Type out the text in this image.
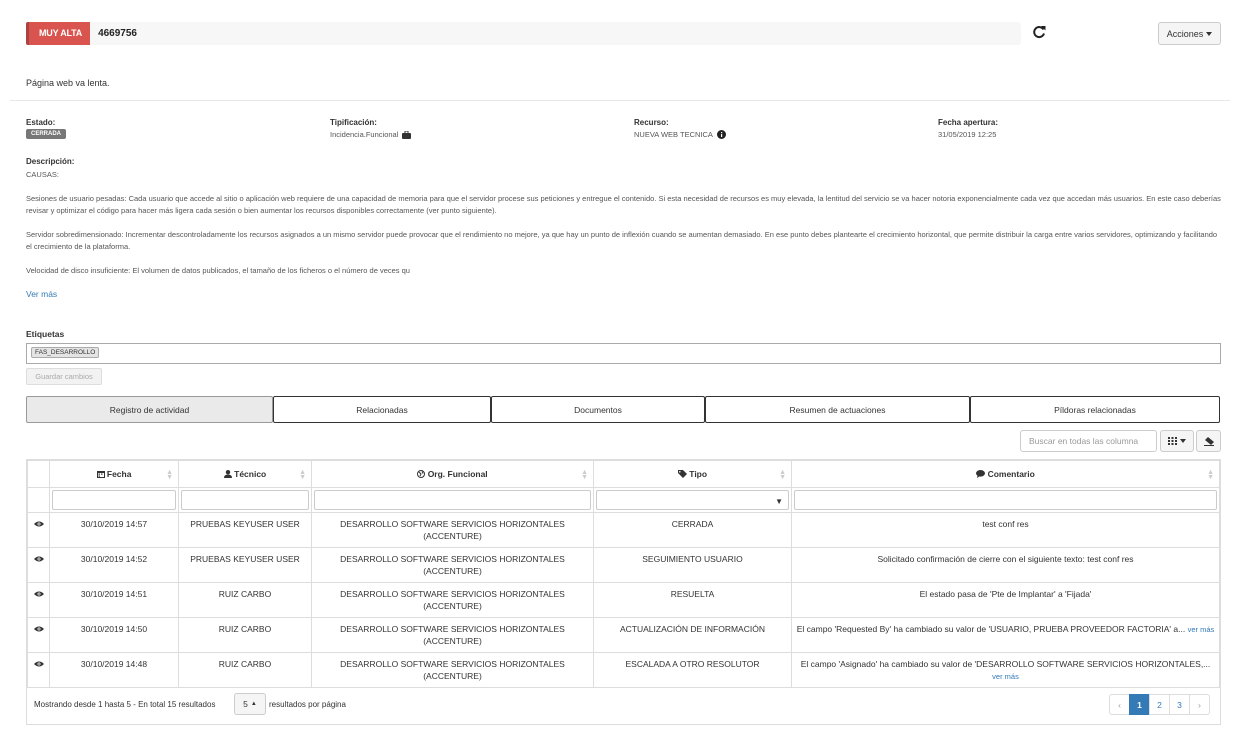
MUY ALTA	4669756	Acciones
Página web va lenta.
Estado:
CERRADA
Tipificación:
Incidencia.Funcional
Recurso:
NUEVA WEB TECNICA
Fecha apertura:
31/05/2019 12:25
Descripción:
CAUSAS:
Sesiones de usuario pesadas: Cada usuario que accede al sitio o aplicación web requiere de una capacidad de memoria para que el servidor procese sus peticiones y entregue el contenido. Si esta necesidad de recursos es muy elevada, la lentitud del servicio se va hacer notoria exponencialmente cada vez que accedan más usuarios. En este caso deberías revisar y optimizar el código para hacer más ligera cada sesión o bien aumentar los recursos disponibles correctamente (ver punto siguiente).
Servidor sobredimensionado: Incrementar descontroladamente los recursos asignados a un mismo servidor puede provocar que el rendimiento no mejore, ya que hay un punto de inflexión cuando se aumentan demasiado. En ese punto debes plantearte el crecimiento horizontal, que permite distribuir la carga entre varios servidores, optimizando y facilitando el crecimiento de la plataforma.
Velocidad de disco insuficiente: El volumen de datos publicados, el tamaño de los ficheros o el número de veces qu
Ver más
Etiquetas
FAS_DESARROLLO
Guardar cambios
Registro de actividad	Relacionadas	Documentos	Resumen de actuaciones	Píldoras relacionadas
Buscar en todas las columna
	Fecha ▲
▼	Técnico ▲
▼	Org. Funcional ▲
▼	Tipo ▲
▼	Comentario ▲
▼

				▼	

	30/10/2019 14:57	PRUEBAS KEYUSER USER	DESARROLLO SOFTWARE SERVICIOS HORIZONTALES
(ACCENTURE)	CERRADA	test conf res
	30/10/2019 14:52	PRUEBAS KEYUSER USER	DESARROLLO SOFTWARE SERVICIOS HORIZONTALES
(ACCENTURE)	SEGUIMIENTO USUARIO	Solicitado confirmación de cierre con el siguiente texto: test conf res
	30/10/2019 14:51	RUIZ CARBO	DESARROLLO SOFTWARE SERVICIOS HORIZONTALES
(ACCENTURE)	RESUELTA	El estado pasa de 'Pte de Implantar' a 'Fijada'
	30/10/2019 14:50	RUIZ CARBO	DESARROLLO SOFTWARE SERVICIOS HORIZONTALES
(ACCENTURE)	ACTUALIZACIÓN DE INFORMACIÓN	El campo 'Requested By' ha cambiado su valor de 'USUARIO, PRUEBA PROVEEDOR FACTORIA' a... ver más
	30/10/2019 14:48	RUIZ CARBO	DESARROLLO SOFTWARE SERVICIOS HORIZONTALES
(ACCENTURE)	ESCALADA A OTRO RESOLUTOR	El campo 'Asignado' ha cambiado su valor de 'DESARROLLO SOFTWARE SERVICIOS HORIZONTALES,...
ver más
Mostrando desde 1 hasta 5 - En total 15 resultados	5 ▲ resultados por página	‹	1	2	3	›
